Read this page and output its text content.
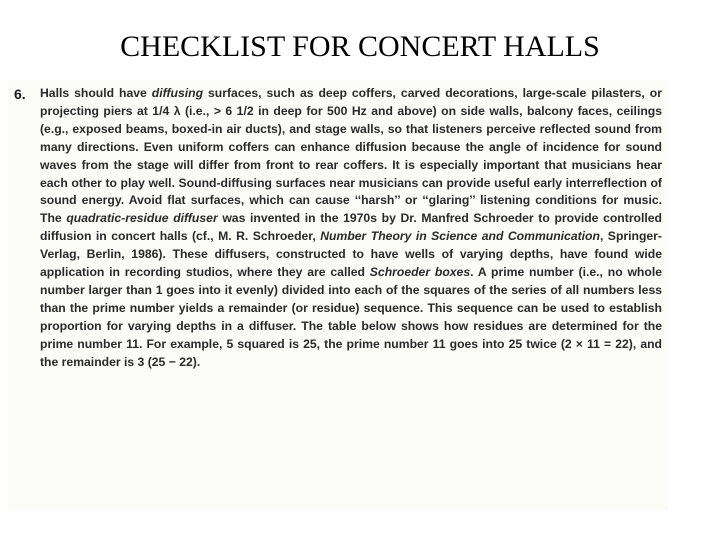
CHECKLIST FOR CONCERT HALLS
6. Halls should have diffusing surfaces, such as deep coffers, carved decorations, large-scale pilasters, or projecting piers at 1/4 λ (i.e., > 6 1/2 in deep for 500 Hz and above) on side walls, balcony faces, ceilings (e.g., exposed beams, boxed-in air ducts), and stage walls, so that listeners perceive reflected sound from many directions. Even uniform coffers can enhance diffusion because the angle of incidence for sound waves from the stage will differ from front to rear coffers. It is especially important that musicians hear each other to play well. Sound-diffusing surfaces near musicians can provide useful early interreflection of sound energy. Avoid flat surfaces, which can cause ‘‘harsh’’ or ‘‘glaring’’ listening conditions for music. The quadratic-residue diffuser was invented in the 1970s by Dr. Manfred Schroeder to provide controlled diffusion in concert halls (cf., M. R. Schroeder, Number Theory in Science and Communication, Springer-Verlag, Berlin, 1986). These diffusers, constructed to have wells of varying depths, have found wide application in recording studios, where they are called Schroeder boxes. A prime number (i.e., no whole number larger than 1 goes into it evenly) divided into each of the squares of the series of all numbers less than the prime number yields a remainder (or residue) sequence. This sequence can be used to establish proportion for varying depths in a diffuser. The table below shows how residues are determined for the prime number 11. For example, 5 squared is 25, the prime number 11 goes into 25 twice (2 × 11 = 22), and the remainder is 3 (25 − 22).
